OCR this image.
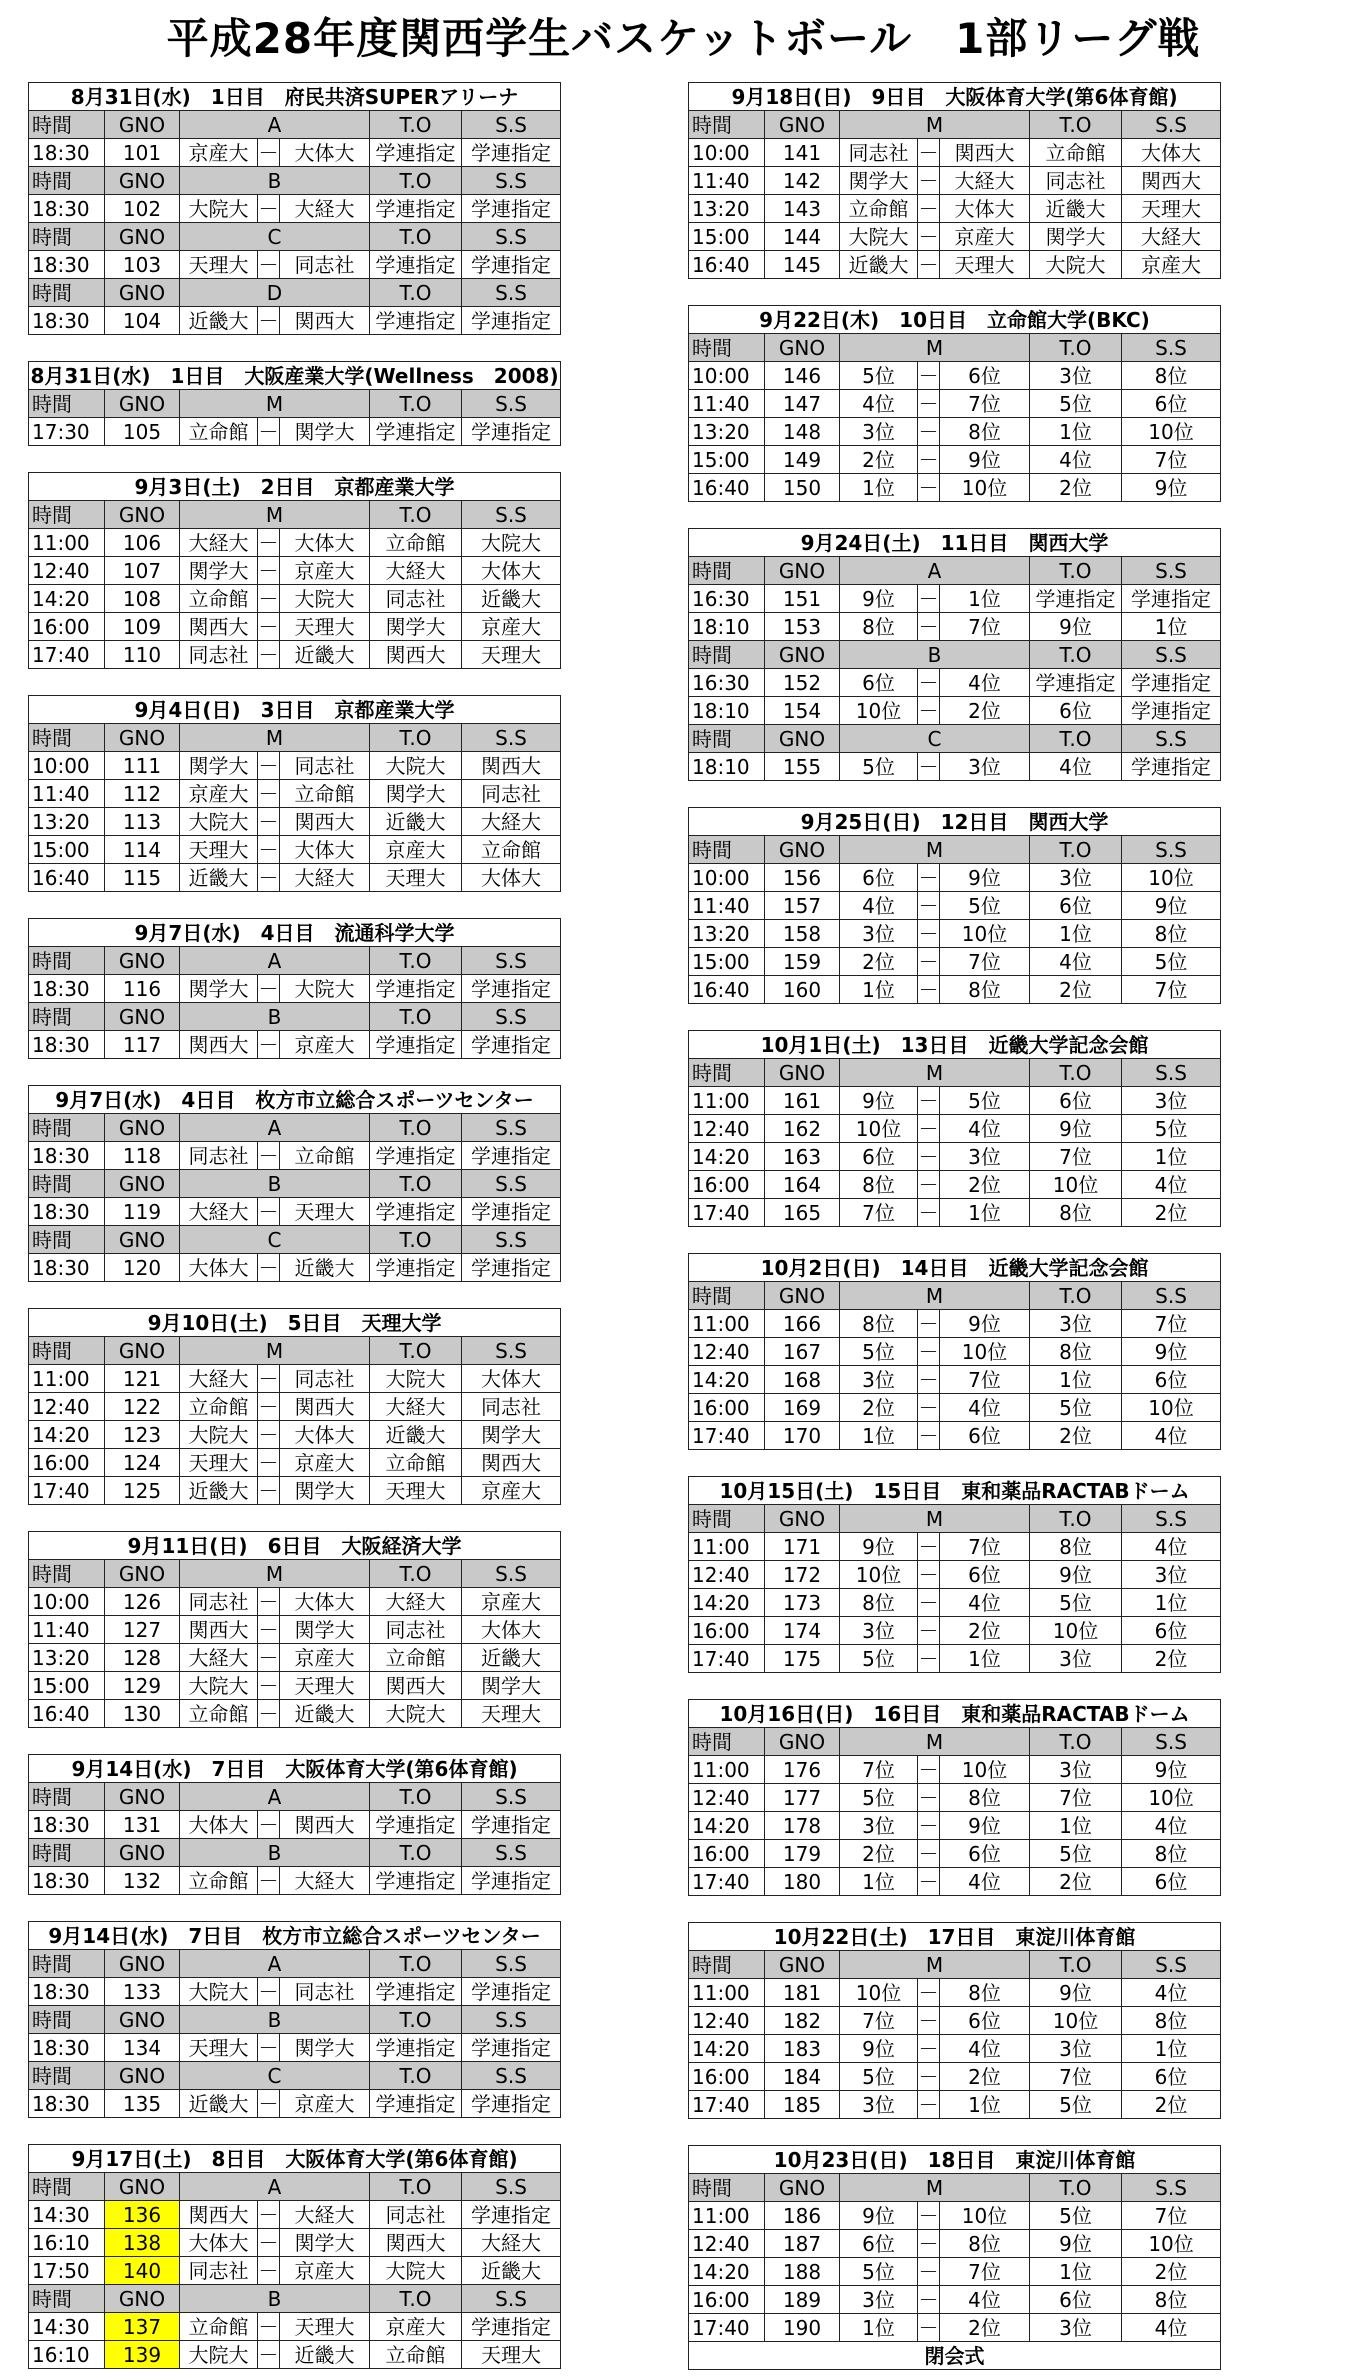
平成28年度関西学生バスケットボール　1部リーグ戦
8月31日(水)　1日目　府民共済SUPERアリーナ						
時間	GNO	A			T.O	S.S
18:30	101	京産大	－	大体大	学連指定	学連指定
時間	GNO	B			T.O	S.S
18:30	102	大院大	－	大経大	学連指定	学連指定
時間	GNO	C			T.O	S.S
18:30	103	天理大	－	同志社	学連指定	学連指定
時間	GNO	D			T.O	S.S
18:30	104	近畿大	－	関西大	学連指定	学連指定
8月31日(水)　1日目　大阪産業大学(Wellness　2008)						
時間	GNO	M			T.O	S.S
17:30	105	立命館	－	関学大	学連指定	学連指定
9月3日(土)　2日目　京都産業大学						
時間	GNO	M			T.O	S.S
11:00	106	大経大	－	大体大	立命館	大院大
12:40	107	関学大	－	京産大	大経大	大体大
14:20	108	立命館	－	大院大	同志社	近畿大
16:00	109	関西大	－	天理大	関学大	京産大
17:40	110	同志社	－	近畿大	関西大	天理大
9月4日(日)　3日目　京都産業大学						
時間	GNO	M			T.O	S.S
10:00	111	関学大	－	同志社	大院大	関西大
11:40	112	京産大	－	立命館	関学大	同志社
13:20	113	大院大	－	関西大	近畿大	大経大
15:00	114	天理大	－	大体大	京産大	立命館
16:40	115	近畿大	－	大経大	天理大	大体大
9月7日(水)　4日目　流通科学大学						
時間	GNO	A			T.O	S.S
18:30	116	関学大	－	大院大	学連指定	学連指定
時間	GNO	B			T.O	S.S
18:30	117	関西大	－	京産大	学連指定	学連指定
9月7日(水)　4日目　枚方市立総合スポーツセンター						
時間	GNO	A			T.O	S.S
18:30	118	同志社	－	立命館	学連指定	学連指定
時間	GNO	B			T.O	S.S
18:30	119	大経大	－	天理大	学連指定	学連指定
時間	GNO	C			T.O	S.S
18:30	120	大体大	－	近畿大	学連指定	学連指定
9月10日(土)　5日目　天理大学						
時間	GNO	M			T.O	S.S
11:00	121	大経大	－	同志社	大院大	大体大
12:40	122	立命館	－	関西大	大経大	同志社
14:20	123	大院大	－	大体大	近畿大	関学大
16:00	124	天理大	－	京産大	立命館	関西大
17:40	125	近畿大	－	関学大	天理大	京産大
9月11日(日)　6日目　大阪経済大学						
時間	GNO	M			T.O	S.S
10:00	126	同志社	－	大体大	大経大	京産大
11:40	127	関西大	－	関学大	同志社	大体大
13:20	128	大経大	－	京産大	立命館	近畿大
15:00	129	大院大	－	天理大	関西大	関学大
16:40	130	立命館	－	近畿大	大院大	天理大
9月14日(水)　7日目　大阪体育大学(第6体育館)						
時間	GNO	A			T.O	S.S
18:30	131	大体大	－	関西大	学連指定	学連指定
時間	GNO	B			T.O	S.S
18:30	132	立命館	－	大経大	学連指定	学連指定
9月14日(水)　7日目　枚方市立総合スポーツセンター						
時間	GNO	A			T.O	S.S
18:30	133	大院大	－	同志社	学連指定	学連指定
時間	GNO	B			T.O	S.S
18:30	134	天理大	－	関学大	学連指定	学連指定
時間	GNO	C			T.O	S.S
18:30	135	近畿大	－	京産大	学連指定	学連指定
9月17日(土)　8日目　大阪体育大学(第6体育館)						
時間	GNO	A			T.O	S.S
14:30	136	関西大	－	大経大	同志社	学連指定
16:10	138	大体大	－	関学大	関西大	大経大
17:50	140	同志社	－	京産大	大院大	近畿大
時間	GNO	B			T.O	S.S
14:30	137	立命館	－	天理大	京産大	学連指定
16:10	139	大院大	－	近畿大	立命館	天理大
9月18日(日)　9日目　大阪体育大学(第6体育館)						
時間	GNO	M			T.O	S.S
10:00	141	同志社	－	関西大	立命館	大体大
11:40	142	関学大	－	大経大	同志社	関西大
13:20	143	立命館	－	大体大	近畿大	天理大
15:00	144	大院大	－	京産大	関学大	大経大
16:40	145	近畿大	－	天理大	大院大	京産大
9月22日(木)　10日目　立命館大学(BKC)						
時間	GNO	M			T.O	S.S
10:00	146	5位	－	6位	3位	8位
11:40	147	4位	－	7位	5位	6位
13:20	148	3位	－	8位	1位	10位
15:00	149	2位	－	9位	4位	7位
16:40	150	1位	－	10位	2位	9位
9月24日(土)　11日目　関西大学						
時間	GNO	A			T.O	S.S
16:30	151	9位	－	1位	学連指定	学連指定
18:10	153	8位	－	7位	9位	1位
時間	GNO	B			T.O	S.S
16:30	152	6位	－	4位	学連指定	学連指定
18:10	154	10位	－	2位	6位	学連指定
時間	GNO	C			T.O	S.S
18:10	155	5位	－	3位	4位	学連指定
9月25日(日)　12日目　関西大学						
時間	GNO	M			T.O	S.S
10:00	156	6位	－	9位	3位	10位
11:40	157	4位	－	5位	6位	9位
13:20	158	3位	－	10位	1位	8位
15:00	159	2位	－	7位	4位	5位
16:40	160	1位	－	8位	2位	7位
10月1日(土)　13日目　近畿大学記念会館						
時間	GNO	M			T.O	S.S
11:00	161	9位	－	5位	6位	3位
12:40	162	10位	－	4位	9位	5位
14:20	163	6位	－	3位	7位	1位
16:00	164	8位	－	2位	10位	4位
17:40	165	7位	－	1位	8位	2位
10月2日(日)　14日目　近畿大学記念会館						
時間	GNO	M			T.O	S.S
11:00	166	8位	－	9位	3位	7位
12:40	167	5位	－	10位	8位	9位
14:20	168	3位	－	7位	1位	6位
16:00	169	2位	－	4位	5位	10位
17:40	170	1位	－	6位	2位	4位
10月15日(土)　15日目　東和薬品RACTABドーム						
時間	GNO	M			T.O	S.S
11:00	171	9位	－	7位	8位	4位
12:40	172	10位	－	6位	9位	3位
14:20	173	8位	－	4位	5位	1位
16:00	174	3位	－	2位	10位	6位
17:40	175	5位	－	1位	3位	2位
10月16日(日)　16日目　東和薬品RACTABドーム						
時間	GNO	M			T.O	S.S
11:00	176	7位	－	10位	3位	9位
12:40	177	5位	－	8位	7位	10位
14:20	178	3位	－	9位	1位	4位
16:00	179	2位	－	6位	5位	8位
17:40	180	1位	－	4位	2位	6位
10月22日(土)　17日目　東淀川体育館						
時間	GNO	M			T.O	S.S
11:00	181	10位	－	8位	9位	4位
12:40	182	7位	－	6位	10位	8位
14:20	183	9位	－	4位	3位	1位
16:00	184	5位	－	2位	7位	6位
17:40	185	3位	－	1位	5位	2位
10月23日(日)　18日目　東淀川体育館						
時間	GNO	M			T.O	S.S
11:00	186	9位	－	10位	5位	7位
12:40	187	6位	－	8位	9位	10位
14:20	188	5位	－	7位	1位	2位
16:00	189	3位	－	4位	6位	8位
17:40	190	1位	－	2位	3位	4位
閉会式						
